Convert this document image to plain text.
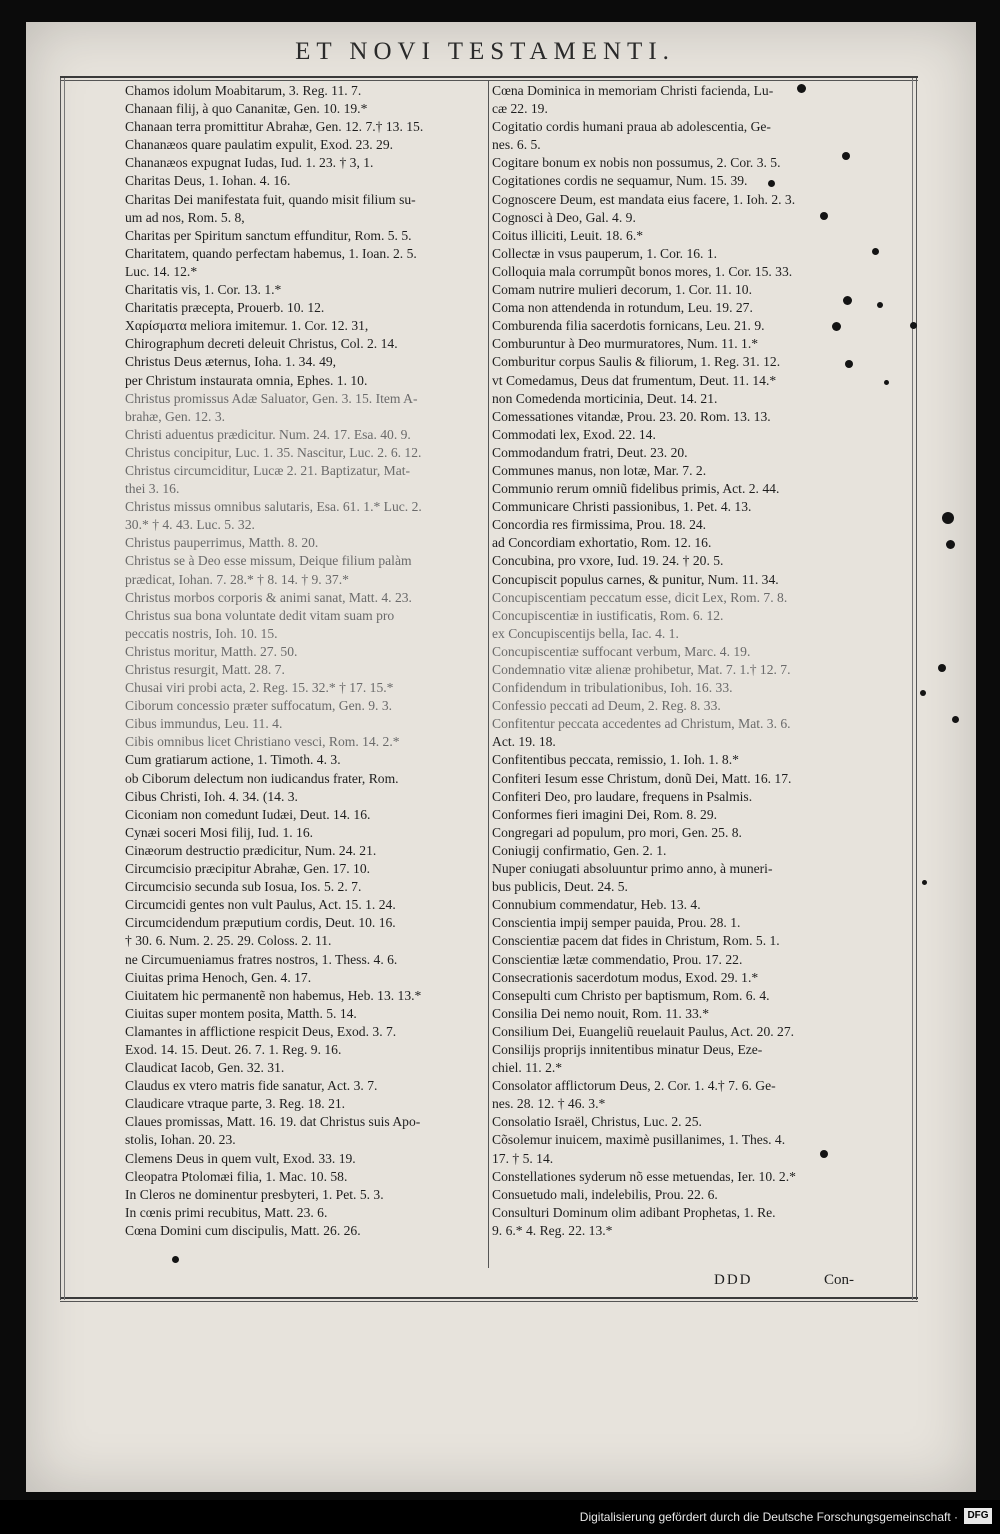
ET NOVI TESTAMENTI.
Chamos idolum Moabitarum, 3. Reg. 11. 7.
Chanaan filij, à quo Cananitæ, Gen. 10. 19.*
Chanaan terra promittitur Abrahæ, Gen. 12. 7.† 13. 15.
Chananæos quare paulatim expulit, Exod. 23. 29.
Chananæos expugnat Iudas, Iud. 1. 23. † 3, 1.
Charitas Deus, 1. Iohan. 4. 16.
Charitas Dei manifestata fuit, quando misit filium su-
um ad nos, Rom. 5. 8,
Charitas per Spiritum sanctum effunditur, Rom. 5. 5.
Charitatem, quando perfectam habemus, 1. Ioan. 2. 5.
Luc. 14. 12.*
Charitatis vis, 1. Cor. 13. 1.*
Charitatis præcepta, Prouerb. 10. 12.
Χαρίσματα meliora imitemur. 1. Cor. 12. 31,
Chirographum decreti deleuit Christus, Col. 2. 14.
Christus Deus æternus, Ioha. 1. 34. 49,
per Christum instaurata omnia, Ephes. 1. 10.
Christus promissus Adæ Saluator, Gen. 3. 15. Item A-
brahæ, Gen. 12. 3.
Christi aduentus prædicitur. Num. 24. 17. Esa. 40. 9.
Christus concipitur, Luc. 1. 35. Nascitur, Luc. 2. 6. 12.
Christus circumciditur, Lucæ 2. 21. Baptizatur, Mat-
thei 3. 16.
Christus missus omnibus salutaris, Esa. 61. 1.* Luc. 2.
30.* † 4. 43. Luc. 5. 32.
Christus pauperrimus, Matth. 8. 20.
Christus se à Deo esse missum, Deique filium palàm
prædicat, Iohan. 7. 28.* † 8. 14. † 9. 37.*
Christus morbos corporis & animi sanat, Matt. 4. 23.
Christus sua bona voluntate dedit vitam suam pro
peccatis nostris, Ioh. 10. 15.
Christus moritur, Matth. 27. 50.
Christus resurgit, Matt. 28. 7.
Chusai viri probi acta, 2. Reg. 15. 32.* † 17. 15.*
Ciborum concessio præter suffocatum, Gen. 9. 3.
Cibus immundus, Leu. 11. 4.
Cibis omnibus licet Christiano vesci, Rom. 14. 2.*
Cum gratiarum actione, 1. Timoth. 4. 3.
ob Ciborum delectum non iudicandus frater, Rom.
Cibus Christi, Ioh. 4. 34. (14. 3.
Ciconiam non comedunt Iudæi, Deut. 14. 16.
Cynæi soceri Mosi filij, Iud. 1. 16.
Cinæorum destructio prædicitur, Num. 24. 21.
Circumcisio præcipitur Abrahæ, Gen. 17. 10.
Circumcisio secunda sub Iosua, Ios. 5. 2. 7.
Circumcidi gentes non vult Paulus, Act. 15. 1. 24.
Circumcidendum præputium cordis, Deut. 10. 16.
† 30. 6. Num. 2. 25. 29. Coloss. 2. 11.
ne Circumueniamus fratres nostros, 1. Thess. 4. 6.
Ciuitas prima Henoch, Gen. 4. 17.
Ciuitatem hic permanentẽ non habemus, Heb. 13. 13.*
Ciuitas super montem posita, Matth. 5. 14.
Clamantes in afflictione respicit Deus, Exod. 3. 7.
Exod. 14. 15. Deut. 26. 7. 1. Reg. 9. 16.
Claudicat Iacob, Gen. 32. 31.
Claudus ex vtero matris fide sanatur, Act. 3. 7.
Claudicare vtraque parte, 3. Reg. 18. 21.
Claues promissas, Matt. 16. 19. dat Christus suis Apo-
stolis, Iohan. 20. 23.
Clemens Deus in quem vult, Exod. 33. 19.
Cleopatra Ptolomæi filia, 1. Mac. 10. 58.
In Cleros ne dominentur presbyteri, 1. Pet. 5. 3.
In cœnis primi recubitus, Matt. 23. 6.
Cœna Domini cum discipulis, Matt. 26. 26.
Cœna Dominica in memoriam Christi facienda, Lu-
cæ 22. 19.
Cogitatio cordis humani praua ab adolescentia, Ge-
nes. 6. 5.
Cogitare bonum ex nobis non possumus, 2. Cor. 3. 5.
Cogitationes cordis ne sequamur, Num. 15. 39.
Cognoscere Deum, est mandata eius facere, 1. Ioh. 2. 3.
Cognosci à Deo, Gal. 4. 9.
Coitus illiciti, Leuit. 18. 6.*
Collectæ in vsus pauperum, 1. Cor. 16. 1.
Colloquia mala corrumpũt bonos mores, 1. Cor. 15. 33.
Comam nutrire mulieri decorum, 1. Cor. 11. 10.
Coma non attendenda in rotundum, Leu. 19. 27.
Comburenda filia sacerdotis fornicans, Leu. 21. 9.
Comburuntur à Deo murmuratores, Num. 11. 1.*
Comburitur corpus Saulis & filiorum, 1. Reg. 31. 12.
vt Comedamus, Deus dat frumentum, Deut. 11. 14.*
non Comedenda morticinia, Deut. 14. 21.
Comessationes vitandæ, Prou. 23. 20. Rom. 13. 13.
Commodati lex, Exod. 22. 14.
Commodandum fratri, Deut. 23. 20.
Communes manus, non lotæ, Mar. 7. 2.
Communio rerum omniũ fidelibus primis, Act. 2. 44.
Communicare Christi passionibus, 1. Pet. 4. 13.
Concordia res firmissima, Prou. 18. 24.
ad Concordiam exhortatio, Rom. 12. 16.
Concubina, pro vxore, Iud. 19. 24. † 20. 5.
Concupiscit populus carnes, & punitur, Num. 11. 34.
Concupiscentiam peccatum esse, dicit Lex, Rom. 7. 8.
Concupiscentiæ in iustificatis, Rom. 6. 12.
ex Concupiscentijs bella, Iac. 4. 1.
Concupiscentiæ suffocant verbum, Marc. 4. 19.
Condemnatio vitæ alienæ prohibetur, Mat. 7. 1.† 12. 7.
Confidendum in tribulationibus, Ioh. 16. 33.
Confessio peccati ad Deum, 2. Reg. 8. 33.
Confitentur peccata accedentes ad Christum, Mat. 3. 6.
Act. 19. 18.
Confitentibus peccata, remissio, 1. Ioh. 1. 8.*
Confiteri Iesum esse Christum, donũ Dei, Matt. 16. 17.
Confiteri Deo, pro laudare, frequens in Psalmis.
Conformes fieri imagini Dei, Rom. 8. 29.
Congregari ad populum, pro mori, Gen. 25. 8.
Coniugij confirmatio, Gen. 2. 1.
Nuper coniugati absoluuntur primo anno, à muneri-
bus publicis, Deut. 24. 5.
Connubium commendatur, Heb. 13. 4.
Conscientia impij semper pauida, Prou. 28. 1.
Conscientiæ pacem dat fides in Christum, Rom. 5. 1.
Conscientiæ lætæ commendatio, Prou. 17. 22.
Consecrationis sacerdotum modus, Exod. 29. 1.*
Consepulti cum Christo per baptismum, Rom. 6. 4.
Consilia Dei nemo nouit, Rom. 11. 33.*
Consilium Dei, Euangeliũ reuelauit Paulus, Act. 20. 27.
Consilijs proprijs innitentibus minatur Deus, Eze-
chiel. 11. 2.*
Consolator afflictorum Deus, 2. Cor. 1. 4.† 7. 6. Ge-
nes. 28. 12. † 46. 3.*
Consolatio Israël, Christus, Luc. 2. 25.
Cõsolemur inuicem, maximè pusillanimes, 1. Thes. 4.
17. † 5. 14.
Constellationes syderum nõ esse metuendas, Ier. 10. 2.*
Consuetudo mali, indelebilis, Prou. 22. 6.
Consulturi Dominum olim adibant Prophetas, 1. Re.
9. 6.* 4. Reg. 22. 13.*
DDD	Con-
Digitalisierung gefördert durch die Deutsche Forschungsgemeinschaft · DFG
